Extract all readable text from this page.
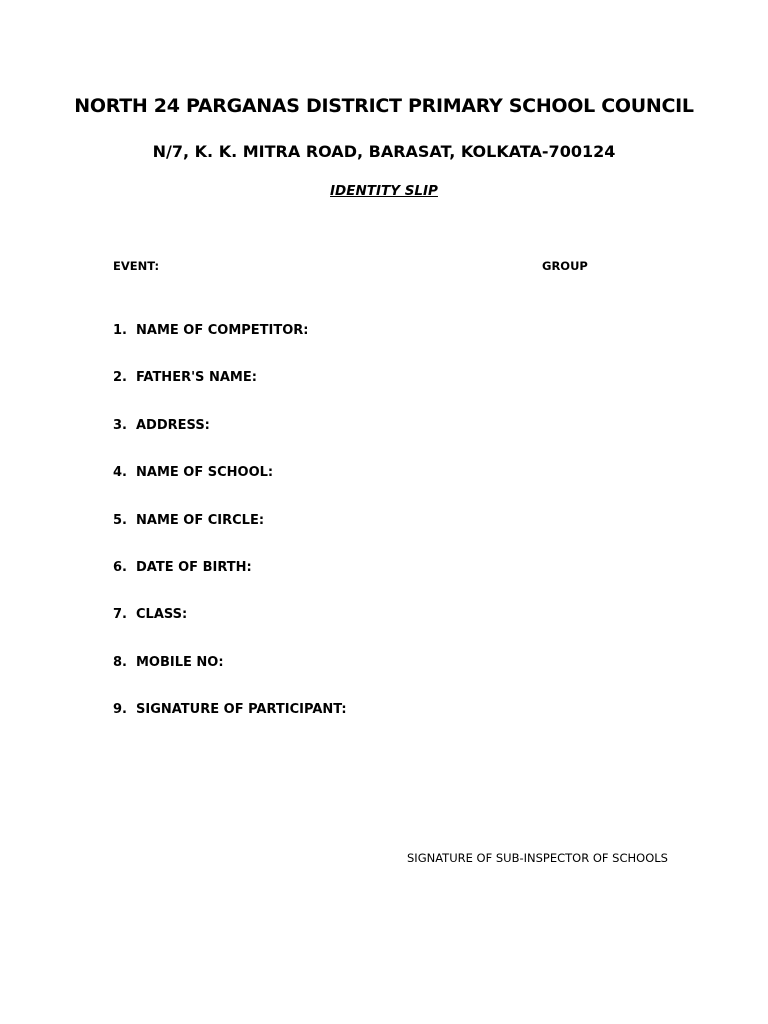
NORTH 24 PARGANAS DISTRICT PRIMARY SCHOOL COUNCIL
N/7, K. K. MITRA ROAD, BARASAT, KOLKATA-700124
IDENTITY SLIP
EVENT:	GROUP
1. NAME OF COMPETITOR:
2. FATHER'S NAME:
3. ADDRESS:
4. NAME OF SCHOOL:
5. NAME OF CIRCLE:
6. DATE OF BIRTH:
7. CLASS:
8. MOBILE NO:
9. SIGNATURE OF PARTICIPANT:
SIGNATURE OF SUB-INSPECTOR OF SCHOOLS
